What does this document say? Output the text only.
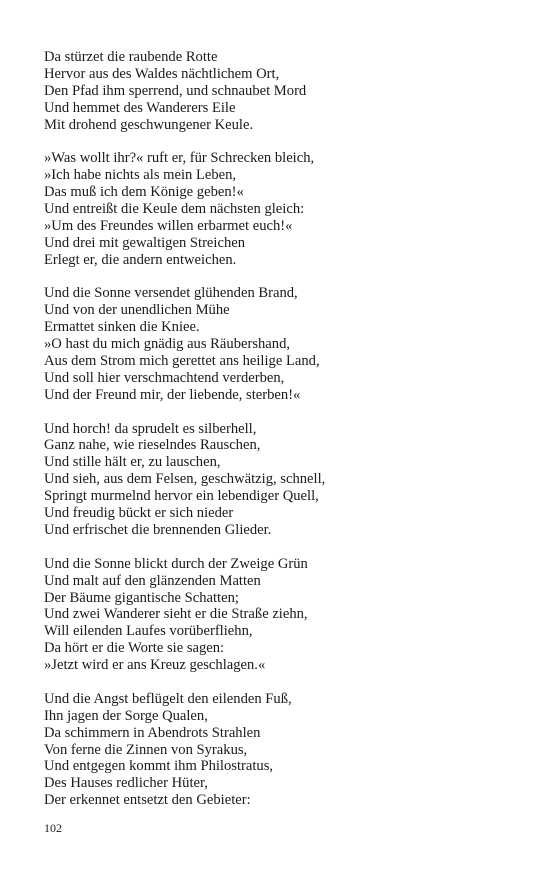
Da stürzet die raubende Rotte
Hervor aus des Waldes nächtlichem Ort,
Den Pfad ihm sperrend, und schnaubet Mord
Und hemmet des Wanderers Eile
Mit drohend geschwungener Keule.
»Was wollt ihr?« ruft er, für Schrecken bleich,
»Ich habe nichts als mein Leben,
Das muß ich dem Könige geben!«
Und entreißt die Keule dem nächsten gleich:
»Um des Freundes willen erbarmet euch!«
Und drei mit gewaltigen Streichen
Erlegt er, die andern entweichen.
Und die Sonne versendet glühenden Brand,
Und von der unendlichen Mühe
Ermattet sinken die Kniee.
»O hast du mich gnädig aus Räubershand,
Aus dem Strom mich gerettet ans heilige Land,
Und soll hier verschmachtend verderben,
Und der Freund mir, der liebende, sterben!«
Und horch! da sprudelt es silberhell,
Ganz nahe, wie rieselndes Rauschen,
Und stille hält er, zu lauschen,
Und sieh, aus dem Felsen, geschwätzig, schnell,
Springt murmelnd hervor ein lebendiger Quell,
Und freudig bückt er sich nieder
Und erfrischet die brennenden Glieder.
Und die Sonne blickt durch der Zweige Grün
Und malt auf den glänzenden Matten
Der Bäume gigantische Schatten;
Und zwei Wanderer sieht er die Straße ziehn,
Will eilenden Laufes vorüberfliehn,
Da hört er die Worte sie sagen:
»Jetzt wird er ans Kreuz geschlagen.«
Und die Angst beflügelt den eilenden Fuß,
Ihn jagen der Sorge Qualen,
Da schimmern in Abendrots Strahlen
Von ferne die Zinnen von Syrakus,
Und entgegen kommt ihm Philostratus,
Des Hauses redlicher Hüter,
Der erkennet entsetzt den Gebieter:
102
